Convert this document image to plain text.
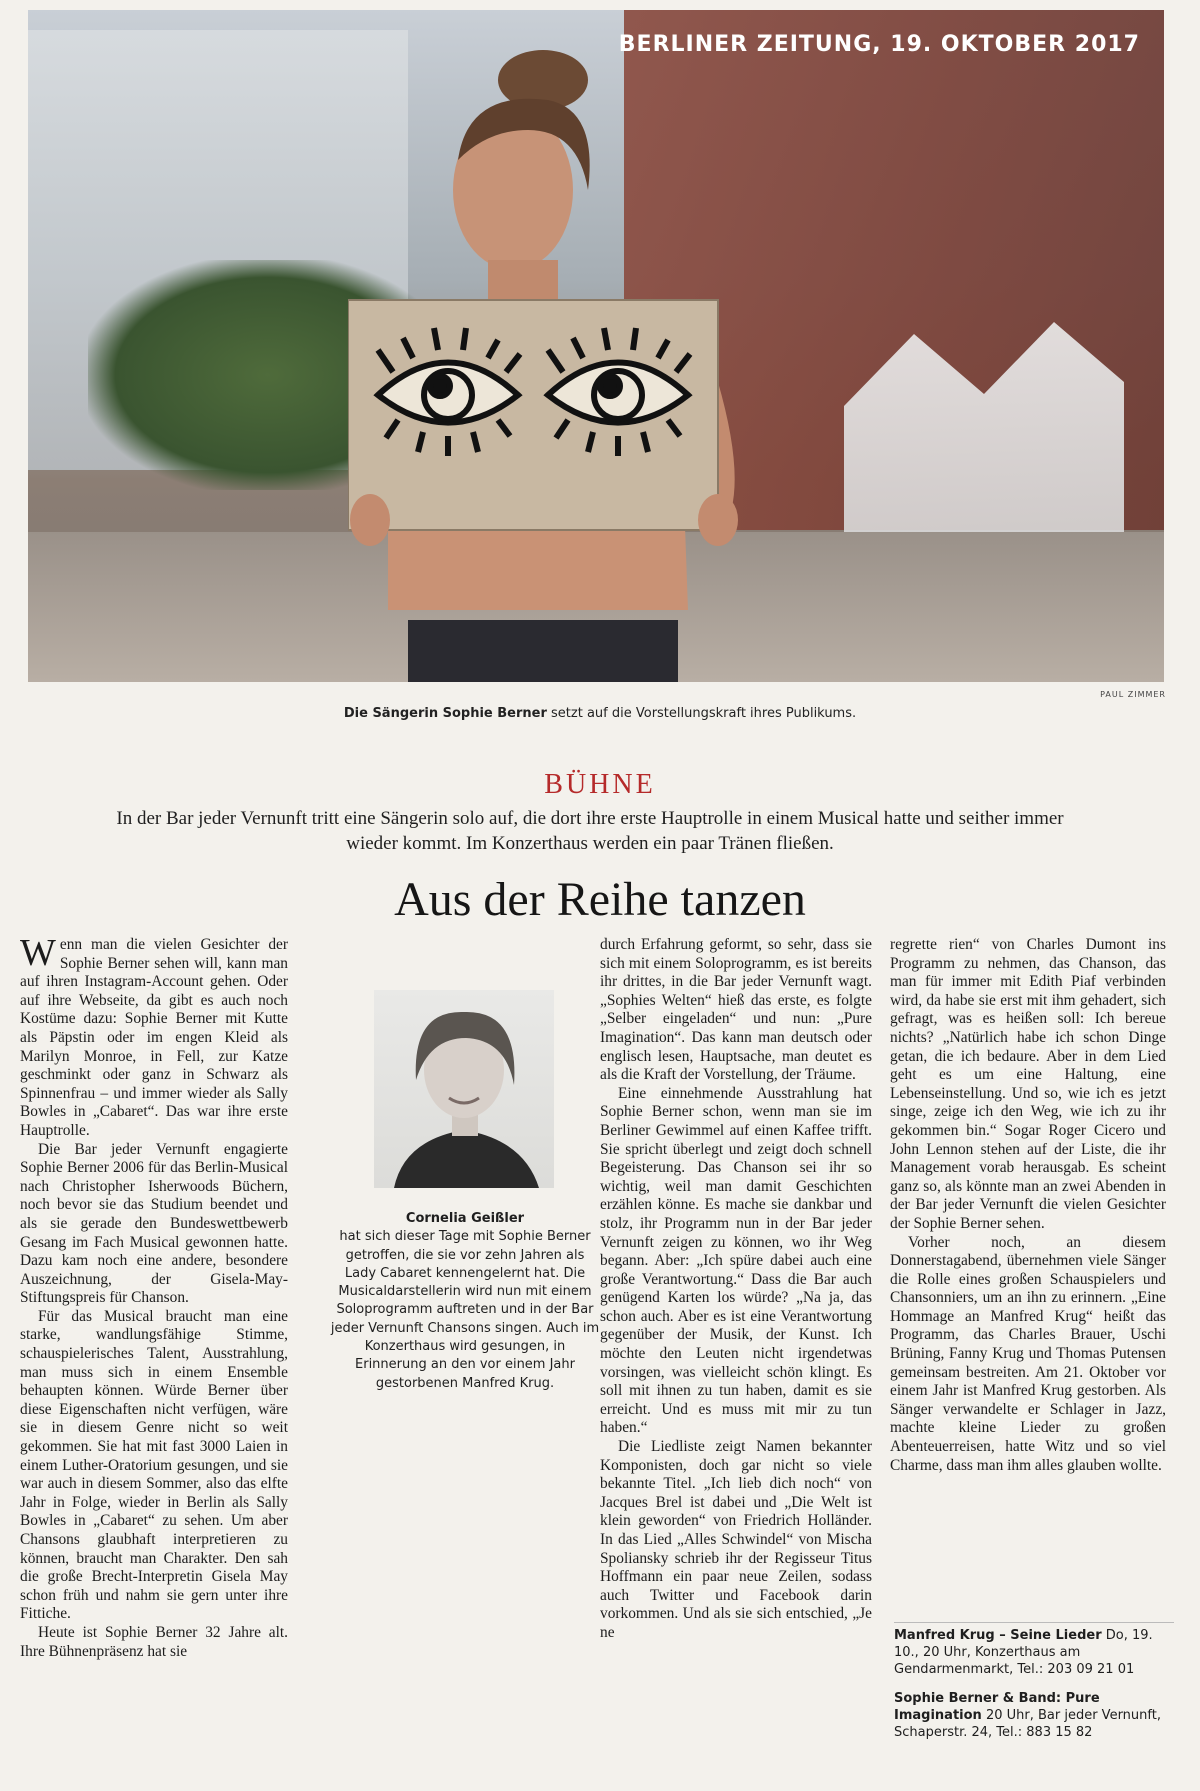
BERLINER ZEITUNG, 19. OKTOBER 2017
PAUL ZIMMER
Die Sängerin Sophie Berner setzt auf die Vorstellungskraft ihres Publikums.
BÜHNE
In der Bar jeder Vernunft tritt eine Sängerin solo auf, die dort ihre erste Hauptrolle in einem Musical hatte und seither immer wieder kommt. Im Konzerthaus werden ein paar Tränen fließen.
Aus der Reihe tanzen

Wenn man die vielen Gesichter der Sophie Berner sehen will, kann man auf ihren Instagram-Account gehen. Oder auf ihre Webseite, da gibt es auch noch Kostüme dazu: Sophie Berner mit Kutte als Päpstin oder im engen Kleid als Marilyn Monroe, in Fell, zur Katze geschminkt oder ganz in Schwarz als Spinnenfrau – und immer wieder als Sally Bowles in „Cabaret“. Das war ihre erste Hauptrolle.

Die Bar jeder Vernunft engagierte Sophie Berner 2006 für das Berlin-Musical nach Christopher Isherwoods Büchern, noch bevor sie das Studium beendet und als sie gerade den Bundeswettbewerb Gesang im Fach Musical gewonnen hatte. Dazu kam noch eine andere, besondere Auszeichnung, der Gisela-May-Stiftungspreis für Chanson.

Für das Musical braucht man eine starke, wandlungsfähige Stimme, schauspielerisches Talent, Ausstrahlung, man muss sich in einem Ensemble behaupten können. Würde Berner über diese Eigenschaften nicht verfügen, wäre sie in diesem Genre nicht so weit gekommen. Sie hat mit fast 3000 Laien in einem Luther-Oratorium gesungen, und sie war auch in diesem Sommer, also das elfte Jahr in Folge, wieder in Berlin als Sally Bowles in „Cabaret“ zu sehen. Um aber Chansons glaubhaft interpretieren zu können, braucht man Charakter. Den sah die große Brecht-Interpretin Gisela May schon früh und nahm sie gern unter ihre Fittiche.

Heute ist Sophie Berner 32 Jahre alt. Ihre Bühnenpräsenz hat sie

Cornelia Geißler
hat sich dieser Tage mit Sophie Berner getroffen, die sie vor zehn Jahren als Lady Cabaret kennengelernt hat. Die Musicaldarstellerin wird nun mit einem Soloprogramm auftreten und in der Bar jeder Vernunft Chansons singen. Auch im Konzerthaus wird gesungen, in Erinnerung an den vor einem Jahr gestorbenen Manfred Krug.

durch Erfahrung geformt, so sehr, dass sie sich mit einem Soloprogramm, es ist bereits ihr drittes, in die Bar jeder Vernunft wagt. „Sophies Welten“ hieß das erste, es folgte „Selber eingeladen“ und nun: „Pure Imagination“. Das kann man deutsch oder englisch lesen, Hauptsache, man deutet es als die Kraft der Vorstellung, der Träume.

Eine einnehmende Ausstrahlung hat Sophie Berner schon, wenn man sie im Berliner Gewimmel auf einen Kaffee trifft. Sie spricht überlegt und zeigt doch schnell Begeisterung. Das Chanson sei ihr so wichtig, weil man damit Geschichten erzählen könne. Es mache sie dankbar und stolz, ihr Programm nun in der Bar jeder Vernunft zeigen zu können, wo ihr Weg begann. Aber: „Ich spüre dabei auch eine große Verantwortung.“ Dass die Bar auch genügend Karten los würde? „Na ja, das schon auch. Aber es ist eine Verantwortung gegenüber der Musik, der Kunst. Ich möchte den Leuten nicht irgendetwas vorsingen, was vielleicht schön klingt. Es soll mit ihnen zu tun haben, damit es sie erreicht. Und es muss mit mir zu tun haben.“

Die Liedliste zeigt Namen bekannter Komponisten, doch gar nicht so viele bekannte Titel. „Ich lieb dich noch“ von Jacques Brel ist dabei und „Die Welt ist klein geworden“ von Friedrich Holländer. In das Lied „Alles Schwindel“ von Mischa Spoliansky schrieb ihr der Regisseur Titus Hoffmann ein paar neue Zeilen, sodass auch Twitter und Facebook darin vorkommen. Und als sie sich entschied, „Je ne

regrette rien“ von Charles Dumont ins Programm zu nehmen, das Chanson, das man für immer mit Edith Piaf verbinden wird, da habe sie erst mit ihm gehadert, sich gefragt, was es heißen soll: Ich bereue nichts? „Natürlich habe ich schon Dinge getan, die ich bedaure. Aber in dem Lied geht es um eine Haltung, eine Lebenseinstellung. Und so, wie ich es jetzt singe, zeige ich den Weg, wie ich zu ihr gekommen bin.“ Sogar Roger Cicero und John Lennon stehen auf der Liste, die ihr Management vorab herausgab. Es scheint ganz so, als könnte man an zwei Abenden in der Bar jeder Vernunft die vielen Gesichter der Sophie Berner sehen.

Vorher noch, an diesem Donnerstagabend, übernehmen viele Sänger die Rolle eines großen Schauspielers und Chansonniers, um an ihn zu erinnern. „Eine Hommage an Manfred Krug“ heißt das Programm, das Charles Brauer, Uschi Brüning, Fanny Krug und Thomas Putensen gemeinsam bestreiten. Am 21. Oktober vor einem Jahr ist Manfred Krug gestorben. Als Sänger verwandelte er Schlager in Jazz, machte kleine Lieder zu großen Abenteuerreisen, hatte Witz und so viel Charme, dass man ihm alles glauben wollte.

Manfred Krug – Seine Lieder Do, 19. 10., 20 Uhr, Konzerthaus am Gendarmenmarkt, Tel.: 203 09 21 01
Sophie Berner & Band: Pure Imagination 20 Uhr, Bar jeder Vernunft, Schaperstr. 24, Tel.: 883 15 82
